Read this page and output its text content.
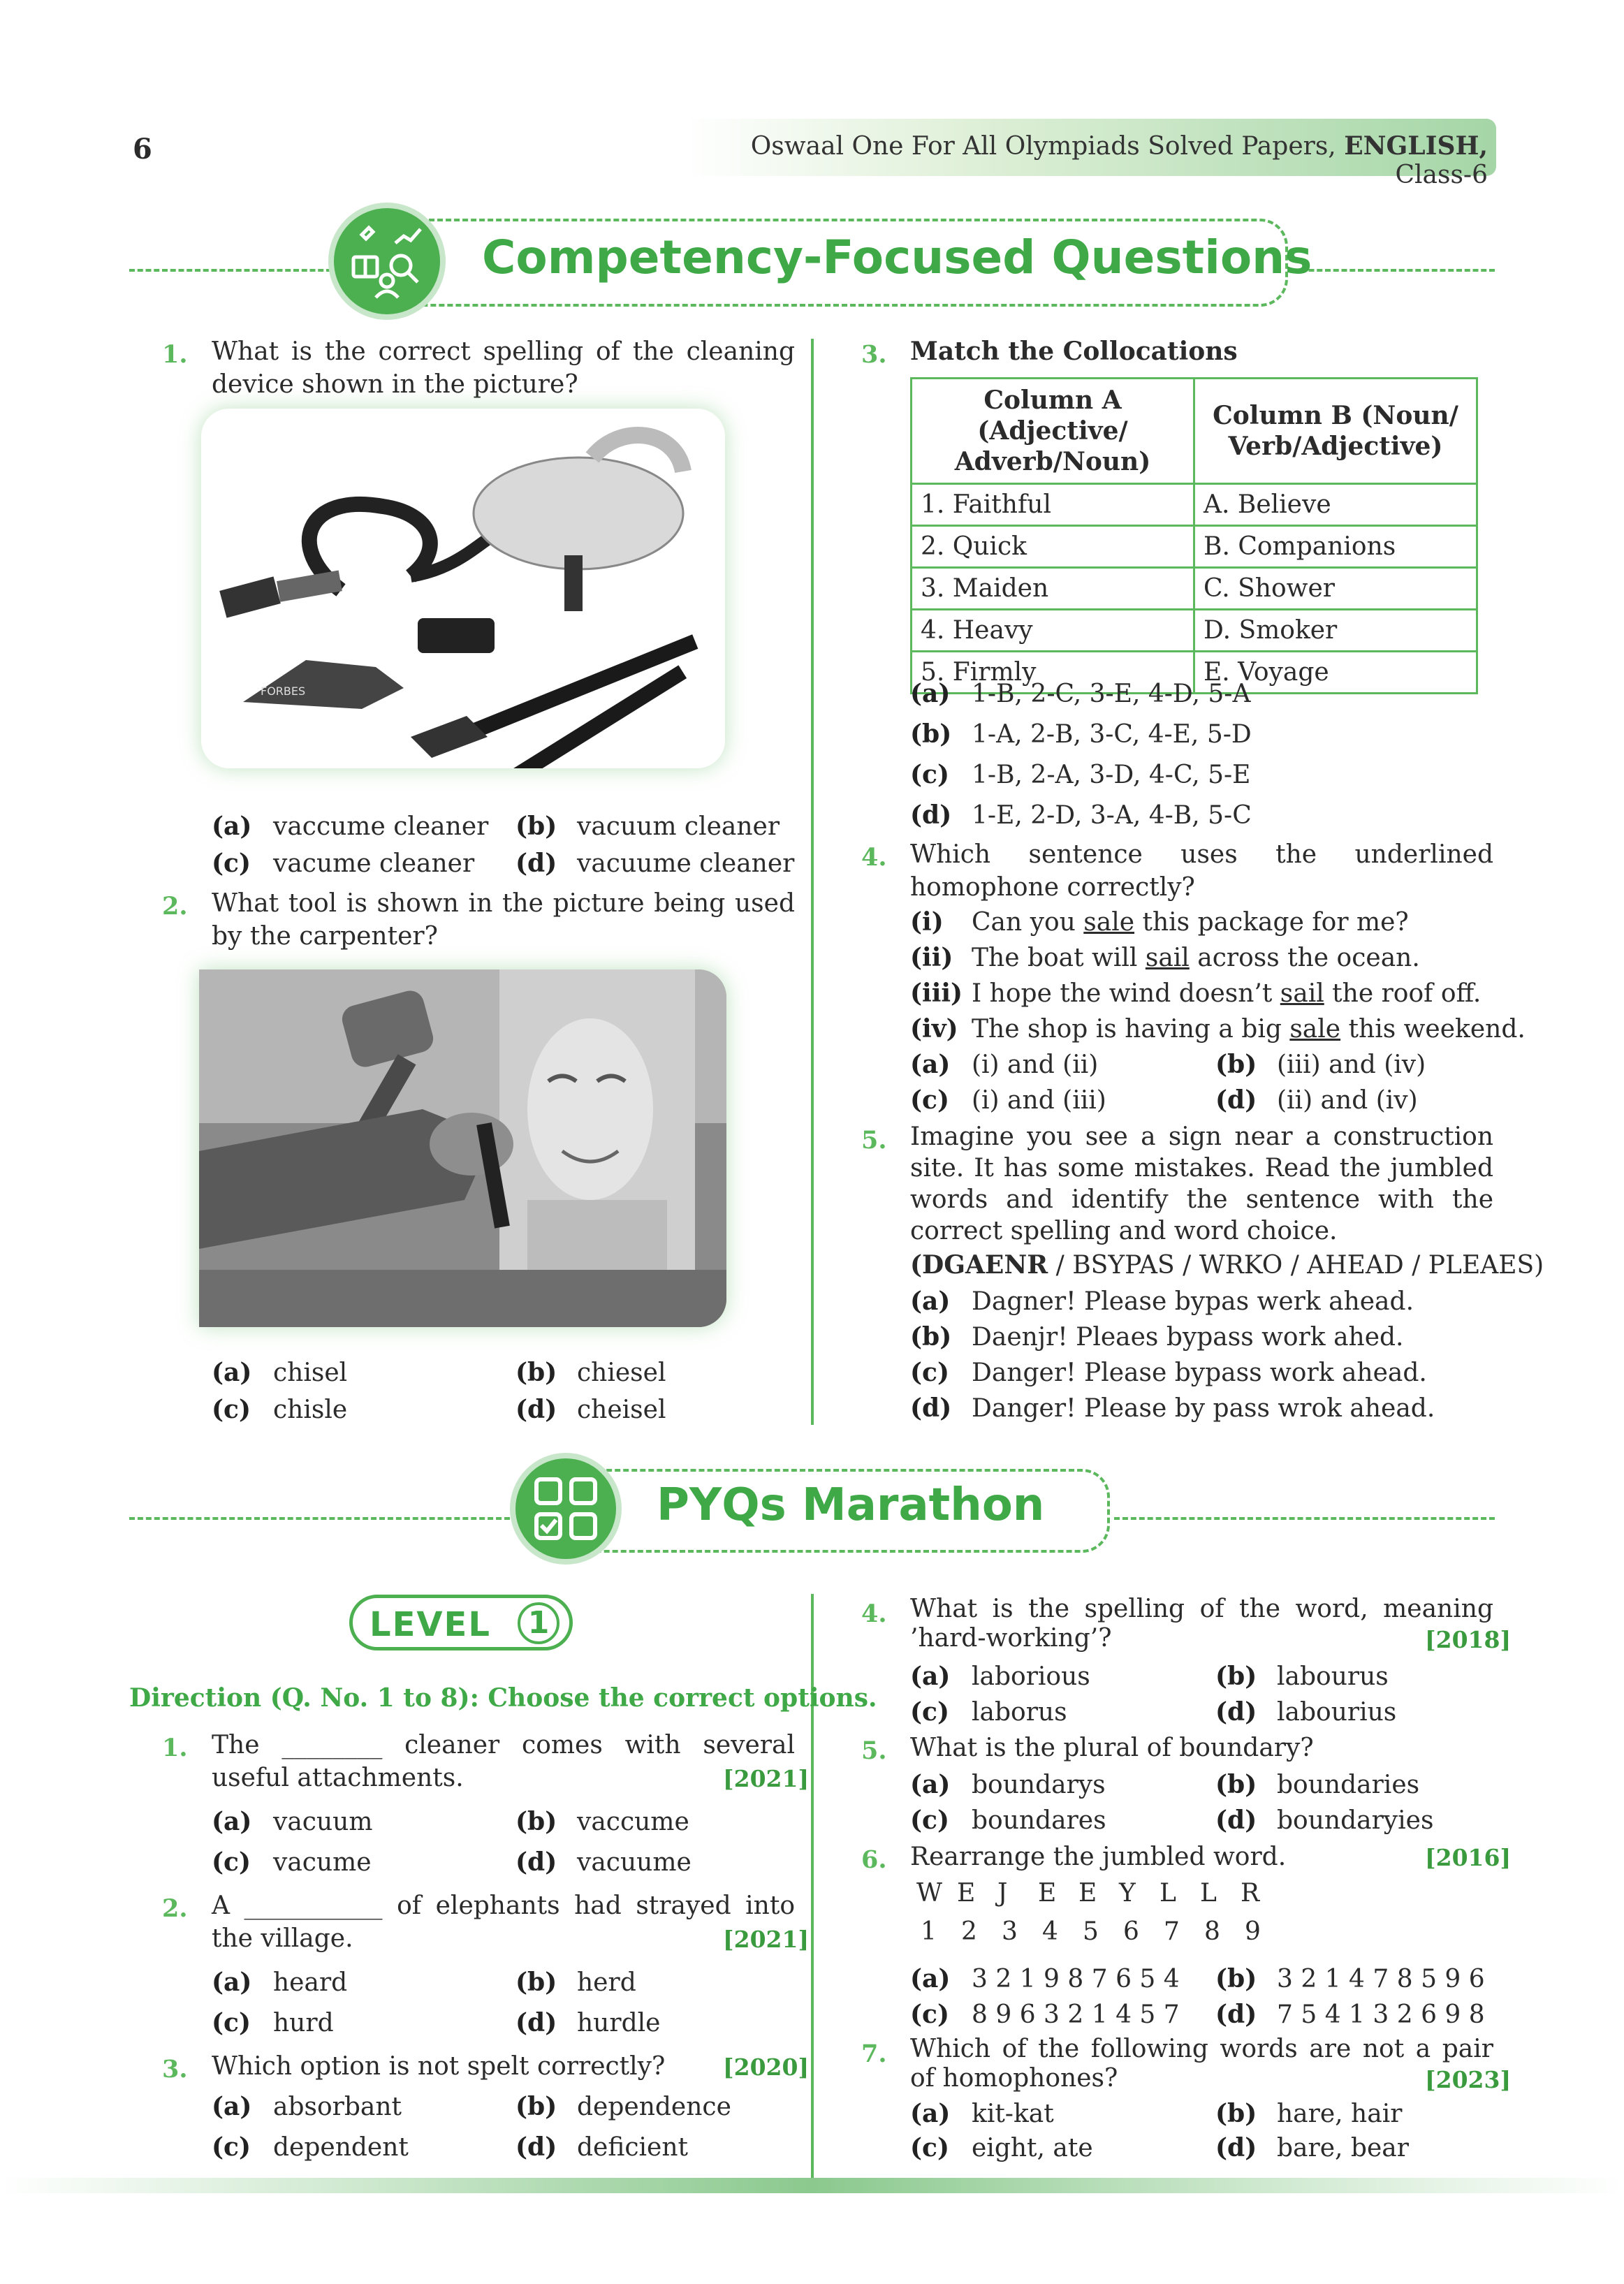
6	Oswaal One For All Olympiads Solved Papers, ENGLISH, Class-6
Competency-Focused Questions
1. What is the correct spelling of the cleaning device shown in the picture?
FORBES
(a) vaccume cleaner (b) vacuum cleaner
(c) vacume cleaner (d) vacuume cleaner
2. What tool is shown in the picture being used by the carpenter?
(a) chisel	(b) chiesel
(c) chisle	(d) cheisel
3. Match the Collocations
Column A (Adjective/ Adverb/Noun)	Column B (Noun/ Verb/Adjective)
1. Faithful	A. Believe
2. Quick	B. Companions
3. Maiden	C. Shower
4. Heavy	D. Smoker
5. Firmly	E. Voyage
(a) 1-B, 2-C, 3-E, 4-D, 5-A
(b) 1-A, 2-B, 3-C, 4-E, 5-D
(c) 1-B, 2-A, 3-D, 4-C, 5-E
(d) 1-E, 2-D, 3-A, 4-B, 5-C
4. Which sentence uses the underlined homophone correctly?
(i) Can you sale this package for me?
(ii) The boat will sail across the ocean.
(iii) I hope the wind doesn’t sail the roof off.
(iv) The shop is having a big sale this weekend.
(a) (i) and (ii)	(b) (iii) and (iv)
(c) (i) and (iii)	(d) (ii) and (iv)
5. Imagine you see a sign near a construction site. It has some mistakes. Read the jumbled words and identify the sentence with the correct spelling and word choice.
(DGAENR / BSYPAS / WRKO / AHEAD / PLEAES)
(a) Dagner! Please bypas werk ahead.
(b) Daenjr! Pleaes bypass work ahed.
(c) Danger! Please bypass work ahead.
(d) Danger! Please by pass wrok ahead.
PYQs Marathon
LEVEL	1
Direction (Q. No. 1 to 8): Choose the correct options.
1. The ________ cleaner comes with several useful attachments.	[2021]
(a) vacuum	(b) vaccume
(c) vacume	(d) vacuume
2. A ___________ of elephants had strayed into the village.	[2021]
(a) heard	(b) herd
(c) hurd	(d) hurdle
3. Which option is not spelt correctly?	[2020]
(a) absorbant	(b) dependence
(c) dependent	(d) deficient
4. What is the spelling of the word, meaning ’hard-working’?	[2018]
(a) laborious	(b) labourus
(c) laborus	(d) labourius
5. What is the plural of boundary?
(a) boundarys	(b) boundaries
(c) boundares	(d) boundaryies
6. Rearrange the jumbled word.	[2016]
W E J E E Y L L R
1 2 3 4 5 6 7 8 9
(a) 3 2 1 9 8 7 6 5 4 (b) 3 2 1 4 7 8 5 9 6
(c) 8 9 6 3 2 1 4 5 7 (d) 7 5 4 1 3 2 6 9 8
7. Which of the following words are not a pair of homophones?	[2023]
(a) kit-kat	(b) hare, hair
(c) eight, ate	(d) bare, bear
